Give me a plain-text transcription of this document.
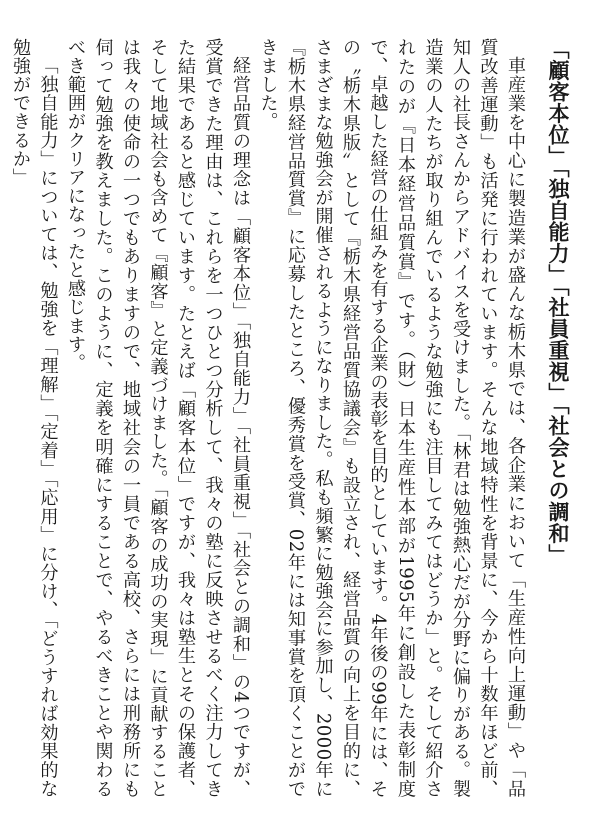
「顧客本位」「独自能力」「社員重視」「社会との調和」

車産業を中心に製造業が盛んな栃木県では、各企業において「生産性向上運動」や「品質改善運動」も活発に行われています。そんな地域特性を背景に、今から十数年ほど前、知人の社長さんからアドバイスを受けました。「林君は勉強熱心だが分野に偏りがある。製造業の人たちが取り組んでいるような勉強にも注目してみてはどうか」と。そして紹介されたのが『日本経営品質賞』です。（財）日本生産性本部が1995年に創設した表彰制度で、卓越した経営の仕組みを有する企業の表彰を目的としています。4年後の99年には、その〝栃木県版〟として『栃木県経営品質協議会』も設立され、経営品質の向上を目的に、さまざまな勉強会が開催されるようになりました。私も頻繁に勉強会に参加し、2000年に『栃木県経営品質賞』に応募したところ、優秀賞を受賞、02年には知事賞を頂くことができました。

経営品質の理念は「顧客本位」「独自能力」「社員重視」「社会との調和」の4つですが、受賞できた理由は、これらを一つひとつ分析して、我々の塾に反映させるべく注力してきた結果であると感じています。たとえば「顧客本位」ですが、我々は塾生とその保護者、そして地域社会も含めて『顧客』と定義づけました。「顧客の成功の実現」に貢献することは我々の使命の一つでもありますので、地域社会の一員である高校、さらには刑務所にも伺って勉強を教えました。このように、定義を明確にすることで、やるべきことや関わるべき範囲がクリアになったと感じます。

「独自能力」については、勉強を「理解」「定着」「応用」に分け、「どうすれば効果的な勉強ができるか」
